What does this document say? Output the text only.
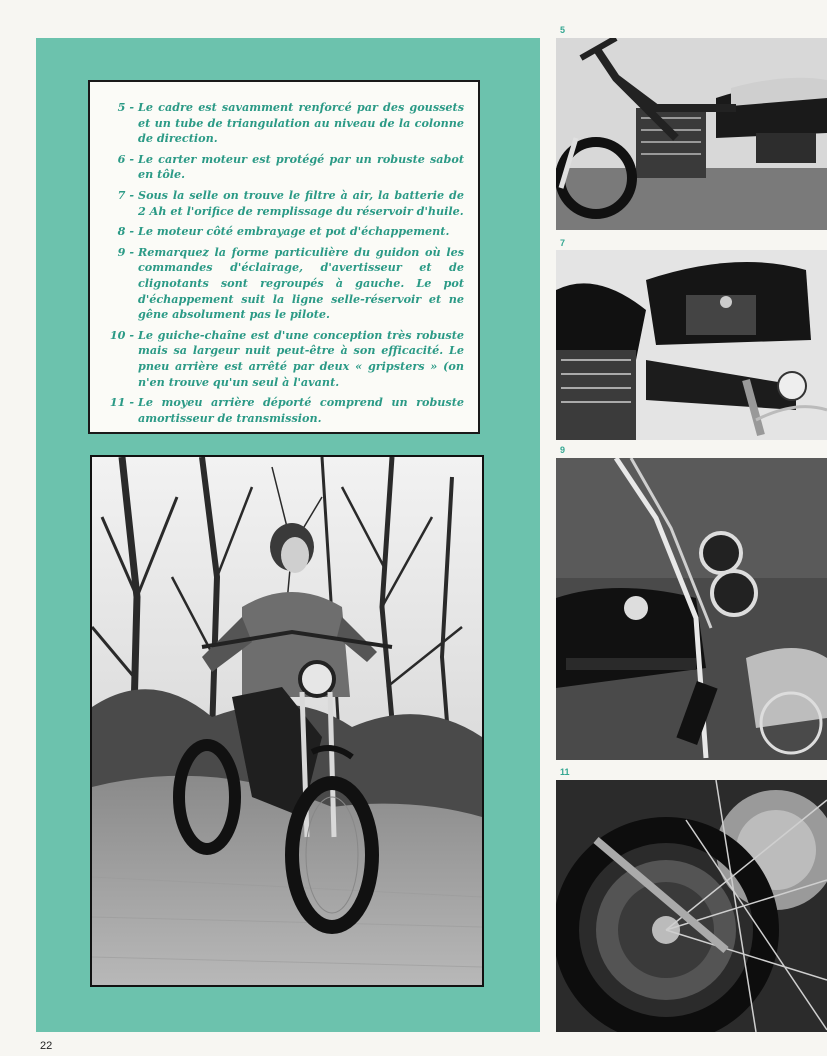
5 - Le cadre est savamment renforcé par des goussets et un tube de triangulation au niveau de la colonne de direction.
6 - Le carter moteur est protégé par un robuste sabot en tôle.
7 - Sous la selle on trouve le filtre à air, la batterie de 2 Ah et l'orifice de remplissage du réservoir d'huile.
8 - Le moteur côté embrayage et pot d'échappement.
9 - Remarquez la forme particulière du guidon où les commandes d'éclairage, d'avertisseur et de clignotants sont regroupés à gauche. Le pot d'échappement suit la ligne selle-réservoir et ne gêne absolument pas le pilote.
10 - Le guiche-chaîne est d'une conception très robuste mais sa largeur nuit peut-être à son efficacité. Le pneu arrière est arrêté par deux « gripsters » (on n'en trouve qu'un seul à l'avant.
11 - Le moyeu arrière déporté comprend un robuste amortisseur de transmission.
5
7
9
11
22
